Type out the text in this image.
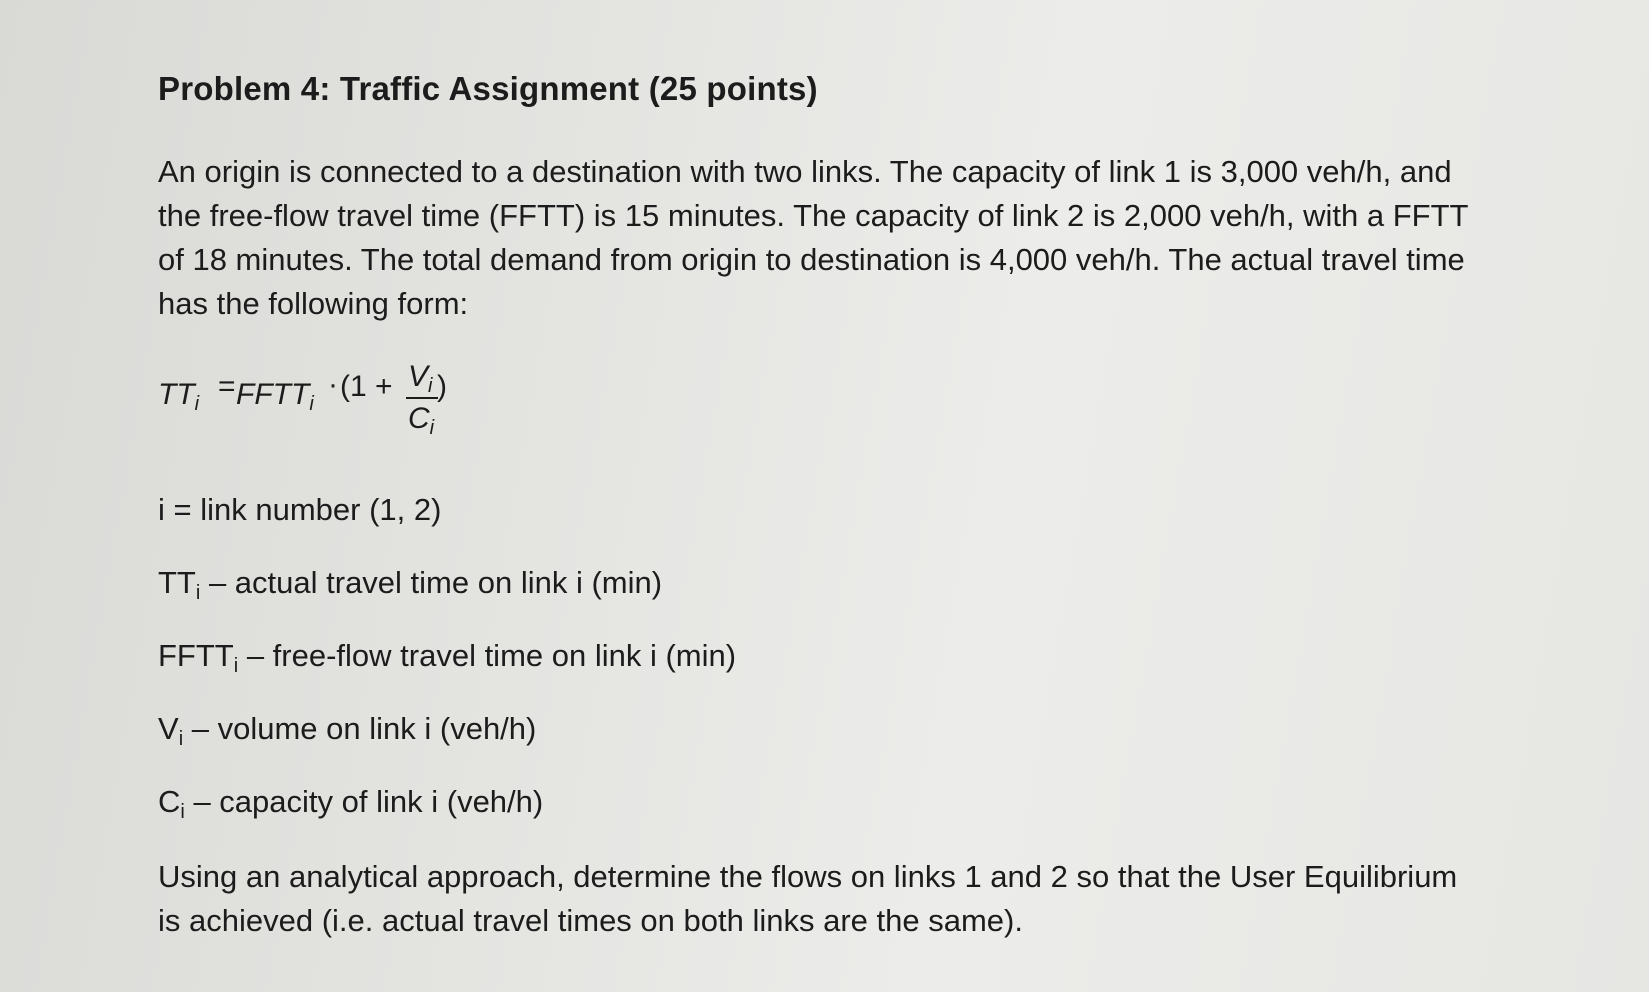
Problem 4: Traffic Assignment (25 points)

An origin is connected to a destination with two links. The capacity of link 1 is 3,000 veh/h, and the free-flow travel time (FFTT) is 15 minutes. The capacity of link 2 is 2,000 veh/h, with a FFTT of 18 minutes. The total demand from origin to destination is 4,000 veh/h. The actual travel time has the following form:

$TT_i$
= $FFTT_i$
· ($1 + V_i$ )
$C_i$
i = link number (1, 2)
$TT_i$ – actual travel time on link i (min)
$FFTT_i$ – free-flow travel time on link i (min)
$V_i$ – volume on link i (veh/h)
$C_i$ – capacity of link i (veh/h)

Using an analytical approach, determine the flows on links 1 and 2 so that the User Equilibrium is achieved (i.e. actual travel times on both links are the same).
